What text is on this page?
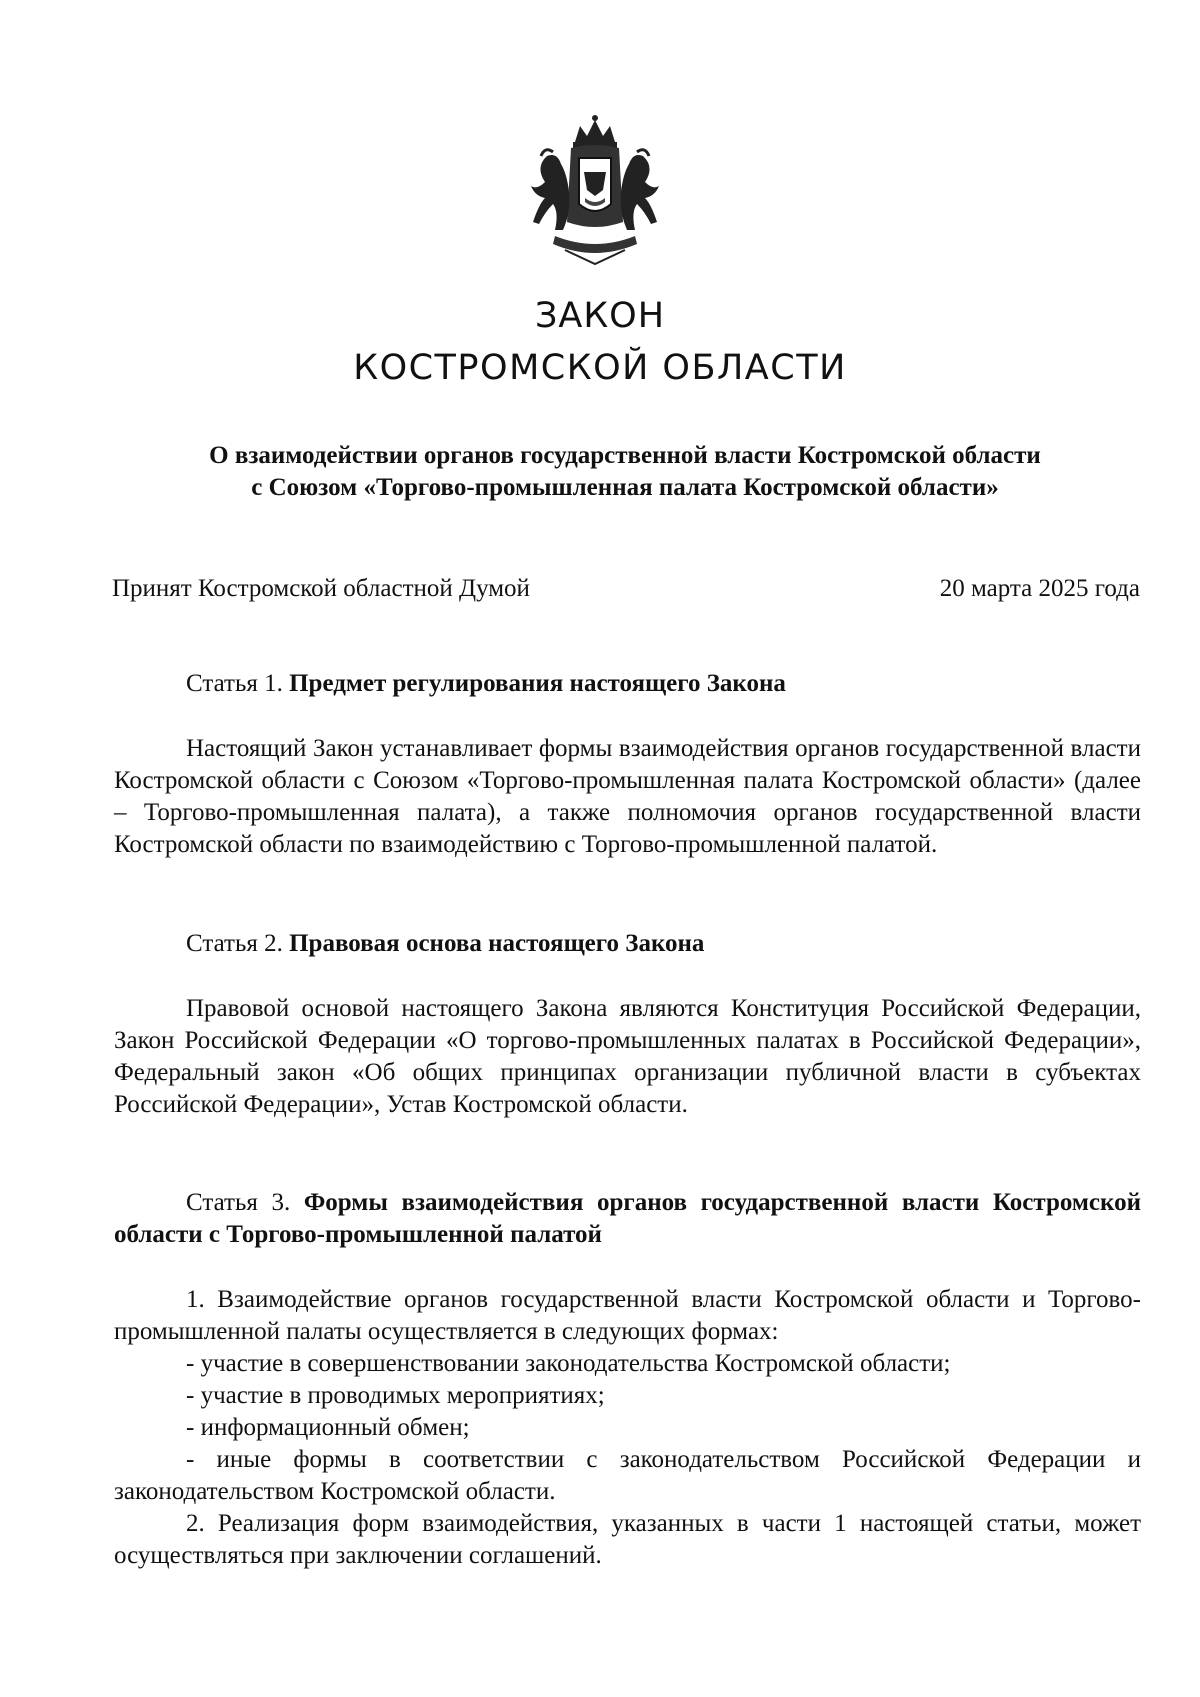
ЗАКОН
КОСТРОМСКОЙ ОБЛАСТИ
О взаимодействии органов государственной власти Костромской области
с Союзом «Торгово-промышленная палата Костромской области»
Принят Костромской областной Думой	20 марта 2025 года

Статья 1. Предмет регулирования настоящего Закона

Настоящий Закон устанавливает формы взаимодействия органов государственной власти Костромской области с Союзом «Торгово-промышленная палата Костромской области» (далее – Торгово-промышленная палата), а также полномочия органов государственной власти Костромской области по взаимодействию с Торгово-промышленной палатой.

Статья 2. Правовая основа настоящего Закона

Правовой основой настоящего Закона являются Конституция Российской Федерации, Закон Российской Федерации «О торгово-промышленных палатах в Российской Федерации», Федеральный закон «Об общих принципах организации публичной власти в субъектах Российской Федерации», Устав Костромской области.

Статья 3. Формы взаимодействия органов государственной власти Костромской области с Торгово-промышленной палатой

1. Взаимодействие органов государственной власти Костромской области и Торгово-промышленной палаты осуществляется в следующих формах:

- участие в совершенствовании законодательства Костромской области;

- участие в проводимых мероприятиях;

- информационный обмен;

- иные формы в соответствии с законодательством Российской Федерации и законодательством Костромской области.

2. Реализация форм взаимодействия, указанных в части 1 настоящей статьи, может осуществляться при заключении соглашений.
